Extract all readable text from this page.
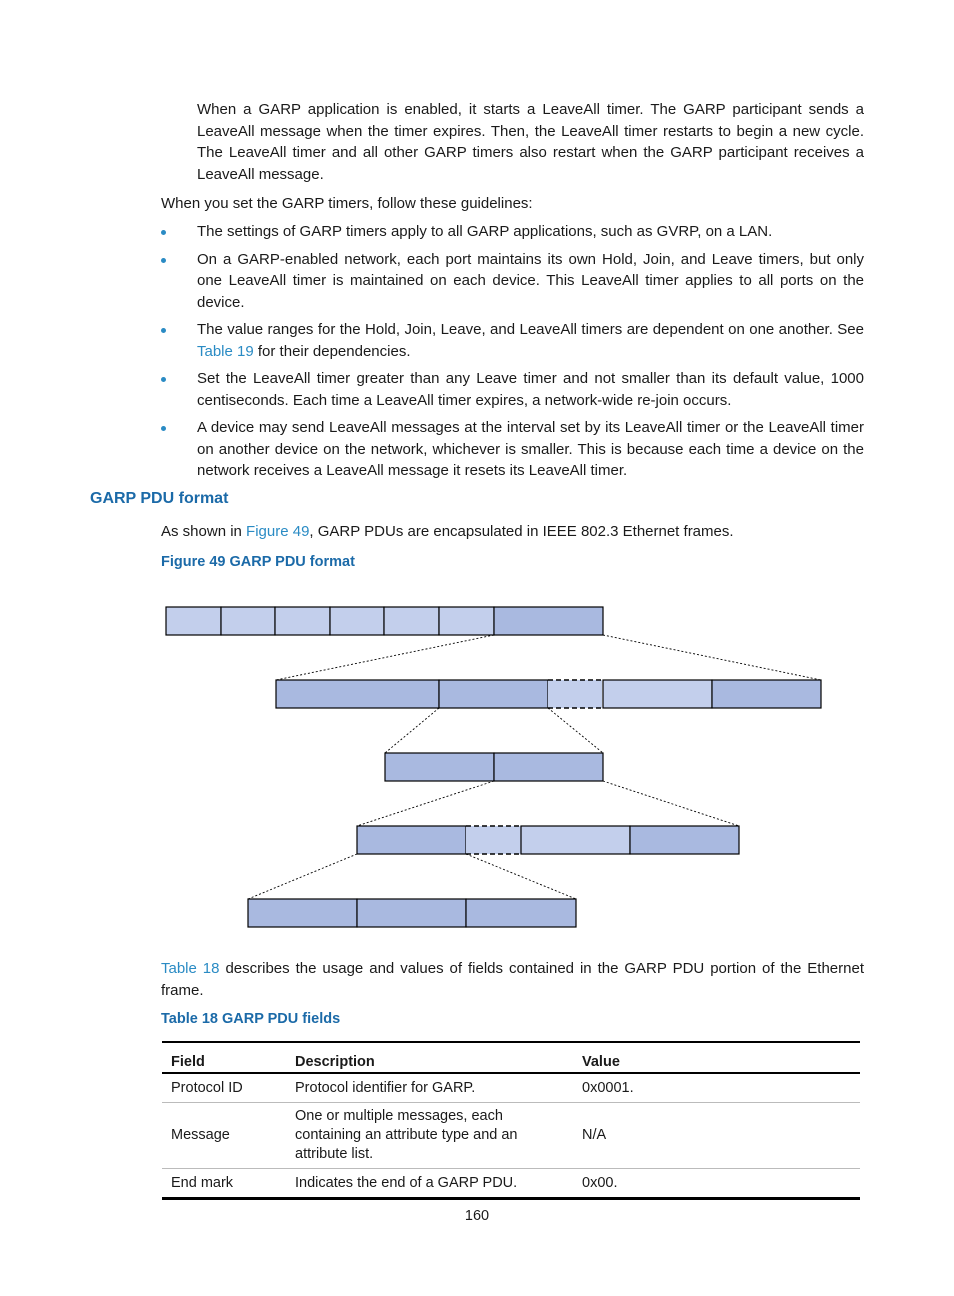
When a GARP application is enabled, it starts a LeaveAll timer. The GARP participant sends a LeaveAll message when the timer expires. Then, the LeaveAll timer restarts to begin a new cycle. The LeaveAll timer and all other GARP timers also restart when the GARP participant receives a LeaveAll message.
When you set the GARP timers, follow these guidelines:
The settings of GARP timers apply to all GARP applications, such as GVRP, on a LAN.
On a GARP-enabled network, each port maintains its own Hold, Join, and Leave timers, but only one LeaveAll timer is maintained on each device. This LeaveAll timer applies to all ports on the device.
The value ranges for the Hold, Join, Leave, and LeaveAll timers are dependent on one another. See Table 19 for their dependencies.
Set the LeaveAll timer greater than any Leave timer and not smaller than its default value, 1000 centiseconds. Each time a LeaveAll timer expires, a network-wide re-join occurs.
A device may send LeaveAll messages at the interval set by its LeaveAll timer or the LeaveAll timer on another device on the network, whichever is smaller. This is because each time a device on the network receives a LeaveAll message it resets its LeaveAll timer.
GARP PDU format
As shown in Figure 49, GARP PDUs are encapsulated in IEEE 802.3 Ethernet frames.
Figure 49 GARP PDU format
Table 18 describes the usage and values of fields contained in the GARP PDU portion of the Ethernet frame.
Table 18 GARP PDU fields
Field	Description	Value
Protocol ID	Protocol identifier for GARP.	0x0001.
Message	One or multiple messages, each containing an attribute type and an attribute list.	N/A
End mark	Indicates the end of a GARP PDU.	0x00.
160
